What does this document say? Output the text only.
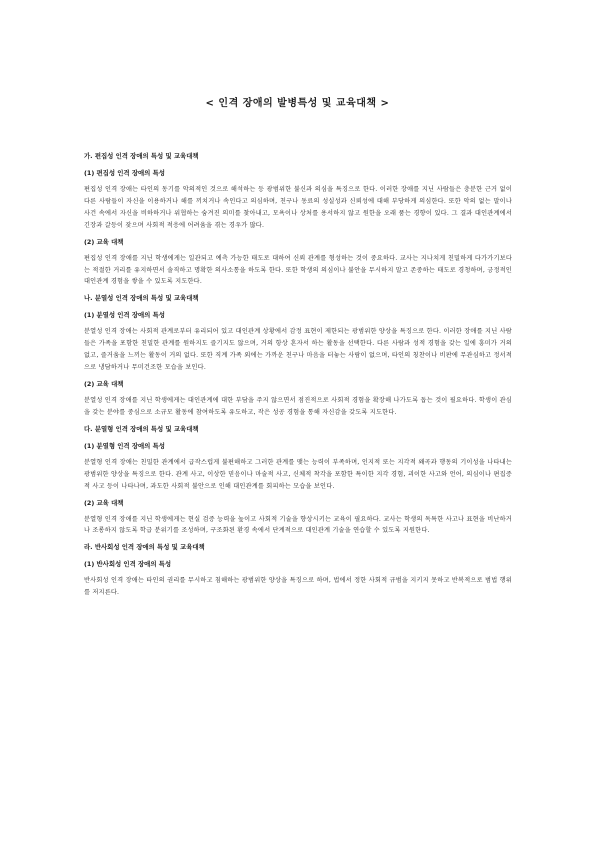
< 인격 장애의 발병특성 및 교육대책 >
가. 편집성 인격 장애의 특성 및 교육대책
(1) 편집성 인격 장애의 특성

편집성 인격 장애는 타인의 동기를 악의적인 것으로 해석하는 등 광범위한 불신과 의심을 특징으로 한다. 이러한 장애를 지닌 사람들은 충분한 근거 없이 다른 사람들이 자신을 이용하거나 해를 끼치거나 속인다고 의심하며, 친구나 동료의 성실성과 신뢰성에 대해 부당하게 의심한다. 또한 악의 없는 말이나 사건 속에서 자신을 비하하거나 위협하는 숨겨진 의미를 찾아내고, 모욕이나 상처를 용서하지 않고 원한을 오래 품는 경향이 있다. 그 결과 대인관계에서 긴장과 갈등이 잦으며 사회적 적응에 어려움을 겪는 경우가 많다.

(2) 교육 대책

편집성 인격 장애를 지닌 학생에게는 일관되고 예측 가능한 태도로 대하여 신뢰 관계를 형성하는 것이 중요하다. 교사는 지나치게 친밀하게 다가가기보다는 적절한 거리를 유지하면서 솔직하고 명확한 의사소통을 하도록 한다. 또한 학생의 의심이나 불안을 무시하지 말고 존중하는 태도로 경청하며, 긍정적인 대인관계 경험을 쌓을 수 있도록 지도한다.

나. 분열성 인격 장애의 특성 및 교육대책
(1) 분열성 인격 장애의 특성

분열성 인격 장애는 사회적 관계로부터 유리되어 있고 대인관계 상황에서 감정 표현이 제한되는 광범위한 양상을 특징으로 한다. 이러한 장애를 지닌 사람들은 가족을 포함한 친밀한 관계를 원하지도 즐기지도 않으며, 거의 항상 혼자서 하는 활동을 선택한다. 다른 사람과 성적 경험을 갖는 일에 흥미가 거의 없고, 즐거움을 느끼는 활동이 거의 없다. 또한 직계 가족 외에는 가까운 친구나 마음을 터놓는 사람이 없으며, 타인의 칭찬이나 비판에 무관심하고 정서적으로 냉담하거나 무미건조한 모습을 보인다.

(2) 교육 대책

분열성 인격 장애를 지닌 학생에게는 대인관계에 대한 부담을 주지 않으면서 점진적으로 사회적 경험을 확장해 나가도록 돕는 것이 필요하다. 학생이 관심을 갖는 분야를 중심으로 소규모 활동에 참여하도록 유도하고, 작은 성공 경험을 통해 자신감을 갖도록 지도한다.

다. 분열형 인격 장애의 특성 및 교육대책
(1) 분열형 인격 장애의 특성

분열형 인격 장애는 친밀한 관계에서 급작스럽게 불편해하고 그러한 관계를 맺는 능력이 부족하며, 인지적 또는 지각적 왜곡과 행동의 기이성을 나타내는 광범위한 양상을 특징으로 한다. 관계 사고, 이상한 믿음이나 마술적 사고, 신체적 착각을 포함한 특이한 지각 경험, 괴이한 사고와 언어, 의심이나 편집증적 사고 등이 나타나며, 과도한 사회적 불안으로 인해 대인관계를 회피하는 모습을 보인다.

(2) 교육 대책

분열형 인격 장애를 지닌 학생에게는 현실 검증 능력을 높이고 사회적 기술을 향상시키는 교육이 필요하다. 교사는 학생의 독특한 사고나 표현을 비난하거나 조롱하지 않도록 학급 분위기를 조성하며, 구조화된 환경 속에서 단계적으로 대인관계 기술을 연습할 수 있도록 지원한다.

라. 반사회성 인격 장애의 특성 및 교육대책
(1) 반사회성 인격 장애의 특성

반사회성 인격 장애는 타인의 권리를 무시하고 침해하는 광범위한 양상을 특징으로 하며, 법에서 정한 사회적 규범을 지키지 못하고 반복적으로 범법 행위를 저지른다.
